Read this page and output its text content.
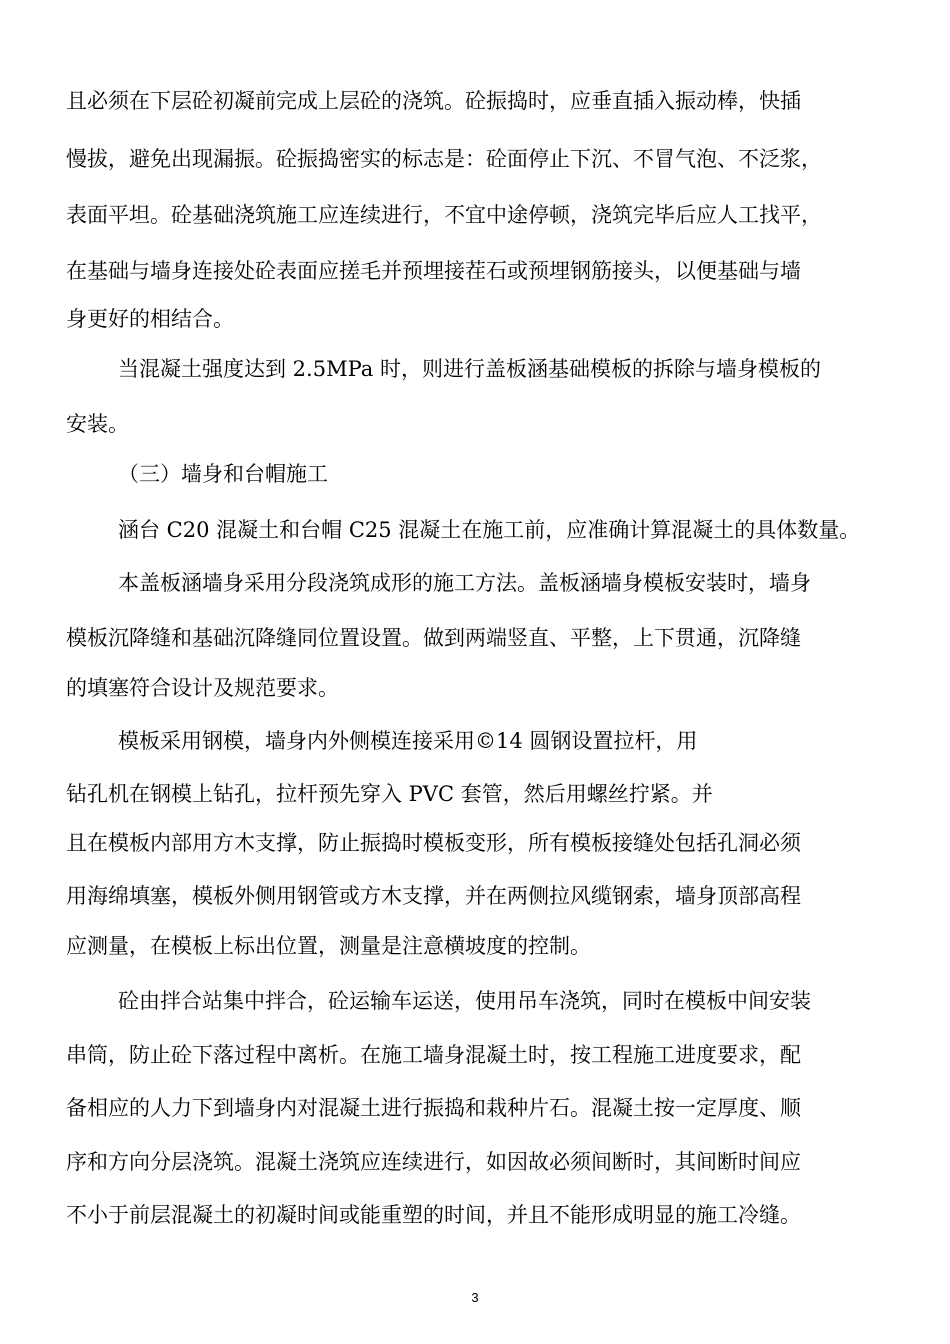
且必须在下层砼初凝前完成上层砼的浇筑。砼振捣时，应垂直插入振动棒，快插
慢拔，避免出现漏振。砼振捣密实的标志是：砼面停止下沉、不冒气泡、不泛浆，
表面平坦。砼基础浇筑施工应连续进行，不宜中途停顿，浇筑完毕后应人工找平，
在基础与墙身连接处砼表面应搓毛并预埋接茬石或预埋钢筋接头，以便基础与墙
身更好的相结合。
当混凝土强度达到 2.5MPa 时，则进行盖板涵基础模板的拆除与墙身模板的
安装。
（三）墙身和台帽施工
涵台 C20 混凝土和台帽 C25 混凝土在施工前，应准确计算混凝土的具体数量。
本盖板涵墙身采用分段浇筑成形的施工方法。盖板涵墙身模板安装时，墙身
模板沉降缝和基础沉降缝同位置设置。做到两端竖直、平整，上下贯通，沉降缝
的填塞符合设计及规范要求。
模板采用钢模，墙身内外侧模连接采用©14 圆钢设置拉杆，用
钻孔机在钢模上钻孔，拉杆预先穿入 PVC 套管，然后用螺丝拧紧。并
且在模板内部用方木支撑，防止振捣时模板变形，所有模板接缝处包括孔洞必须
用海绵填塞，模板外侧用钢管或方木支撑，并在两侧拉风缆钢索，墙身顶部高程
应测量，在模板上标出位置，测量是注意横坡度的控制。
砼由拌合站集中拌合，砼运输车运送，使用吊车浇筑，同时在模板中间安装
串筒，防止砼下落过程中离析。在施工墙身混凝土时，按工程施工进度要求，配
备相应的人力下到墙身内对混凝土进行振捣和栽种片石。混凝土按一定厚度、顺
序和方向分层浇筑。混凝土浇筑应连续进行，如因故必须间断时，其间断时间应
不小于前层混凝土的初凝时间或能重塑的时间，并且不能形成明显的施工冷缝。
3
